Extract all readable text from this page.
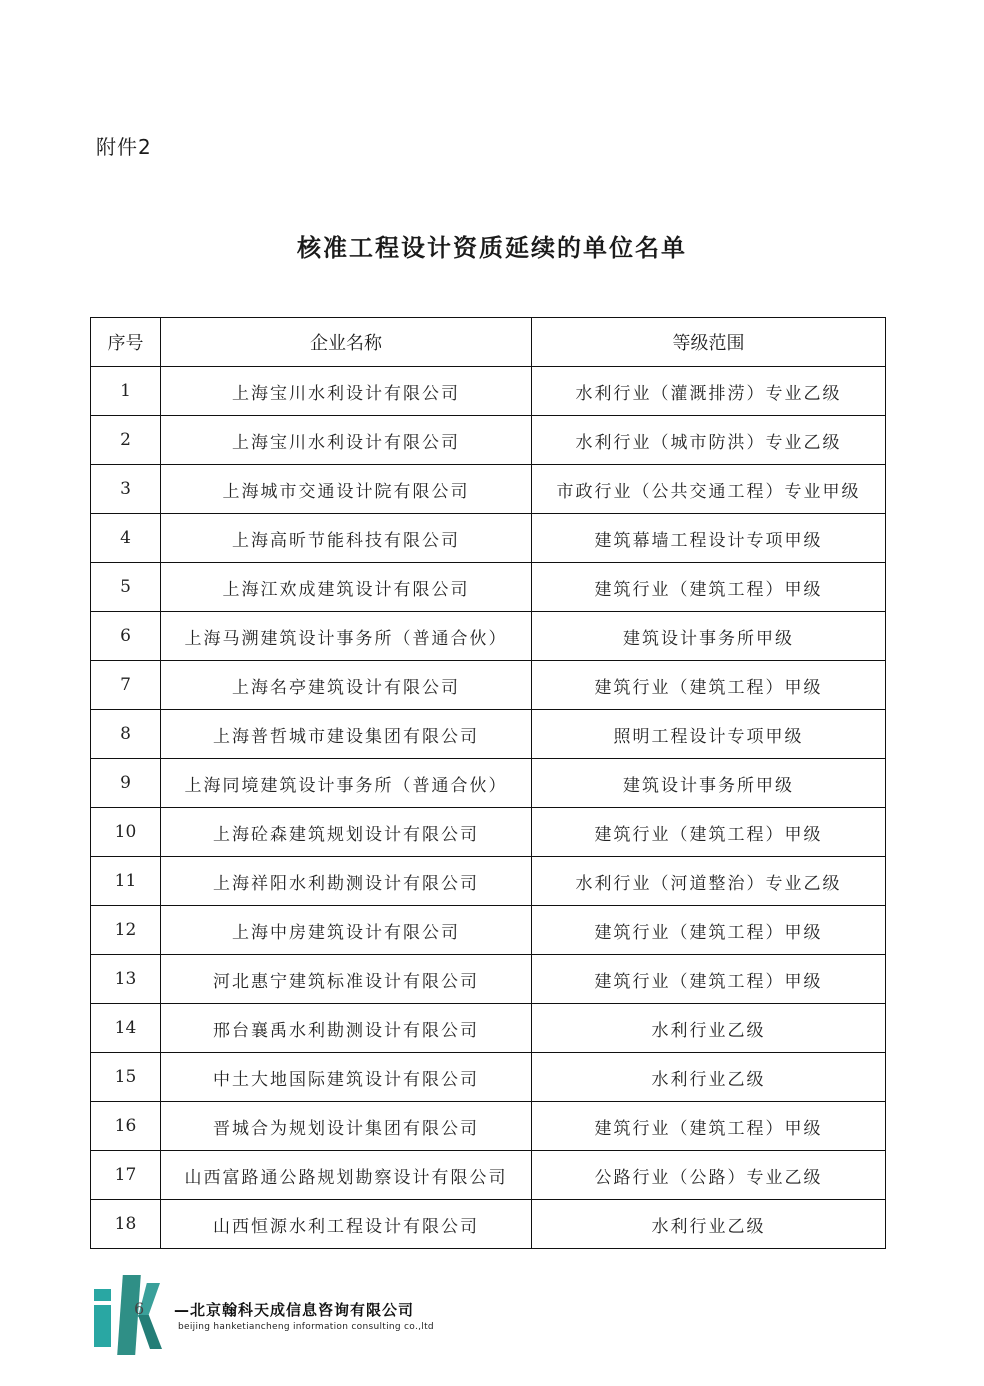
附件2
核准工程设计资质延续的单位名单
序号	企业名称	等级范围
1	上海宝川水利设计有限公司	水利行业（灌溉排涝）专业乙级
2	上海宝川水利设计有限公司	水利行业（城市防洪）专业乙级
3	上海城市交通设计院有限公司	市政行业（公共交通工程）专业甲级
4	上海高昕节能科技有限公司	建筑幕墙工程设计专项甲级
5	上海江欢成建筑设计有限公司	建筑行业（建筑工程）甲级
6	上海马溯建筑设计事务所（普通合伙）	建筑设计事务所甲级
7	上海名亭建筑设计有限公司	建筑行业（建筑工程）甲级
8	上海普哲城市建设集团有限公司	照明工程设计专项甲级
9	上海同境建筑设计事务所（普通合伙）	建筑设计事务所甲级
10	上海砼森建筑规划设计有限公司	建筑行业（建筑工程）甲级
11	上海祥阳水利勘测设计有限公司	水利行业（河道整治）专业乙级
12	上海中房建筑设计有限公司	建筑行业（建筑工程）甲级
13	河北惠宁建筑标准设计有限公司	建筑行业（建筑工程）甲级
14	邢台襄禹水利勘测设计有限公司	水利行业乙级
15	中土大地国际建筑设计有限公司	水利行业乙级
16	晋城合为规划设计集团有限公司	建筑行业（建筑工程）甲级
17	山西富路通公路规划勘察设计有限公司	公路行业（公路）专业乙级
18	山西恒源水利工程设计有限公司	水利行业乙级
6 —北京翰科天成信息咨询有限公司
beijing hanketiancheng information consulting co.,ltd
